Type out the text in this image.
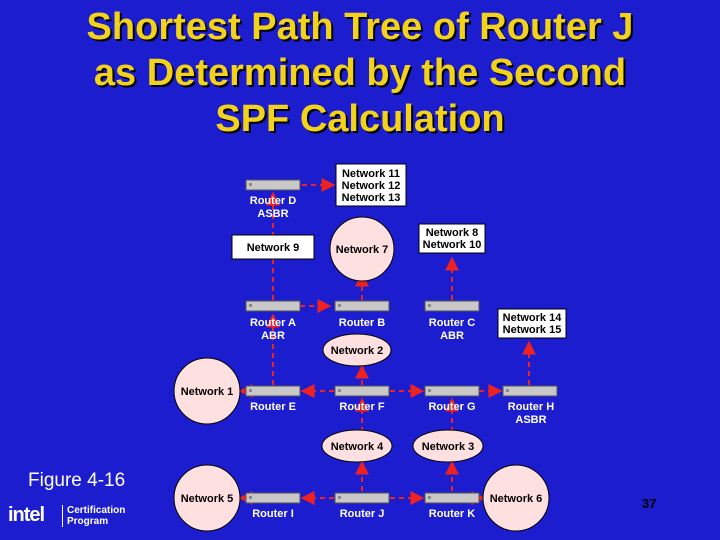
Shortest Path Tree of Router J
as Determined by the Second
SPF Calculation
Network 11
Network 12
Network 13
Network 8
Network 10
Network 14
Network 15
Network 9	Network 7
Network 2
Network 1
Network 4	Network 3
Network 5	Network 6
Router D
ASBR
Router A
ABR
Router B	Router C
ABR
Router E	Router F	Router G	Router H
ASBR
Router I	Router J	Router K
Figure 4-16
37
intel Certification
Program
